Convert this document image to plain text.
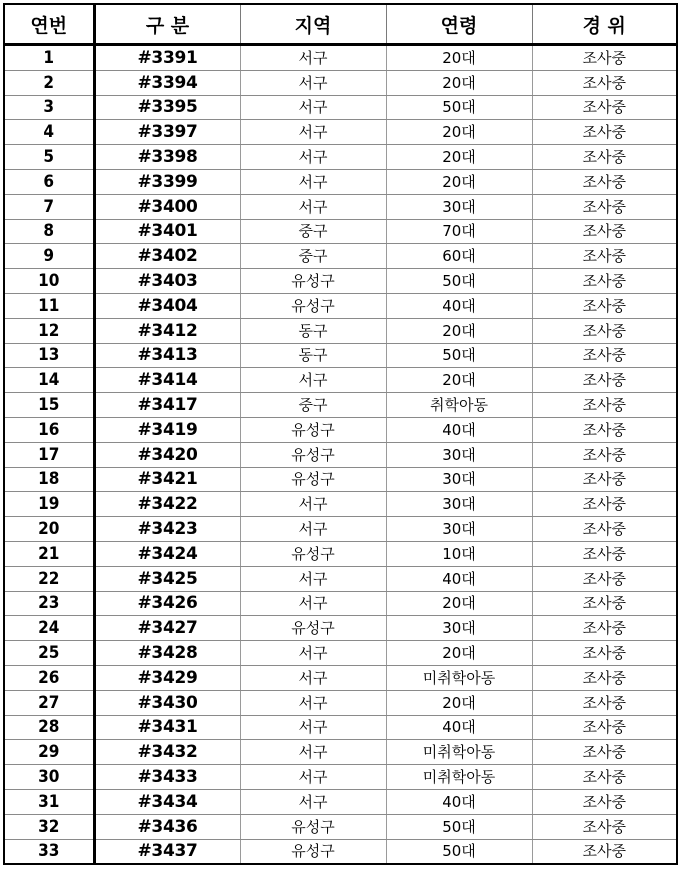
연번	구 분	지역	연령	경 위
1	#3391	서구	20대	조사중
2	#3394	서구	20대	조사중
3	#3395	서구	50대	조사중
4	#3397	서구	20대	조사중
5	#3398	서구	20대	조사중
6	#3399	서구	20대	조사중
7	#3400	서구	30대	조사중
8	#3401	중구	70대	조사중
9	#3402	중구	60대	조사중
10	#3403	유성구	50대	조사중
11	#3404	유성구	40대	조사중
12	#3412	동구	20대	조사중
13	#3413	동구	50대	조사중
14	#3414	서구	20대	조사중
15	#3417	중구	취학아동	조사중
16	#3419	유성구	40대	조사중
17	#3420	유성구	30대	조사중
18	#3421	유성구	30대	조사중
19	#3422	서구	30대	조사중
20	#3423	서구	30대	조사중
21	#3424	유성구	10대	조사중
22	#3425	서구	40대	조사중
23	#3426	서구	20대	조사중
24	#3427	유성구	30대	조사중
25	#3428	서구	20대	조사중
26	#3429	서구	미취학아동	조사중
27	#3430	서구	20대	조사중
28	#3431	서구	40대	조사중
29	#3432	서구	미취학아동	조사중
30	#3433	서구	미취학아동	조사중
31	#3434	서구	40대	조사중
32	#3436	유성구	50대	조사중
33	#3437	유성구	50대	조사중
